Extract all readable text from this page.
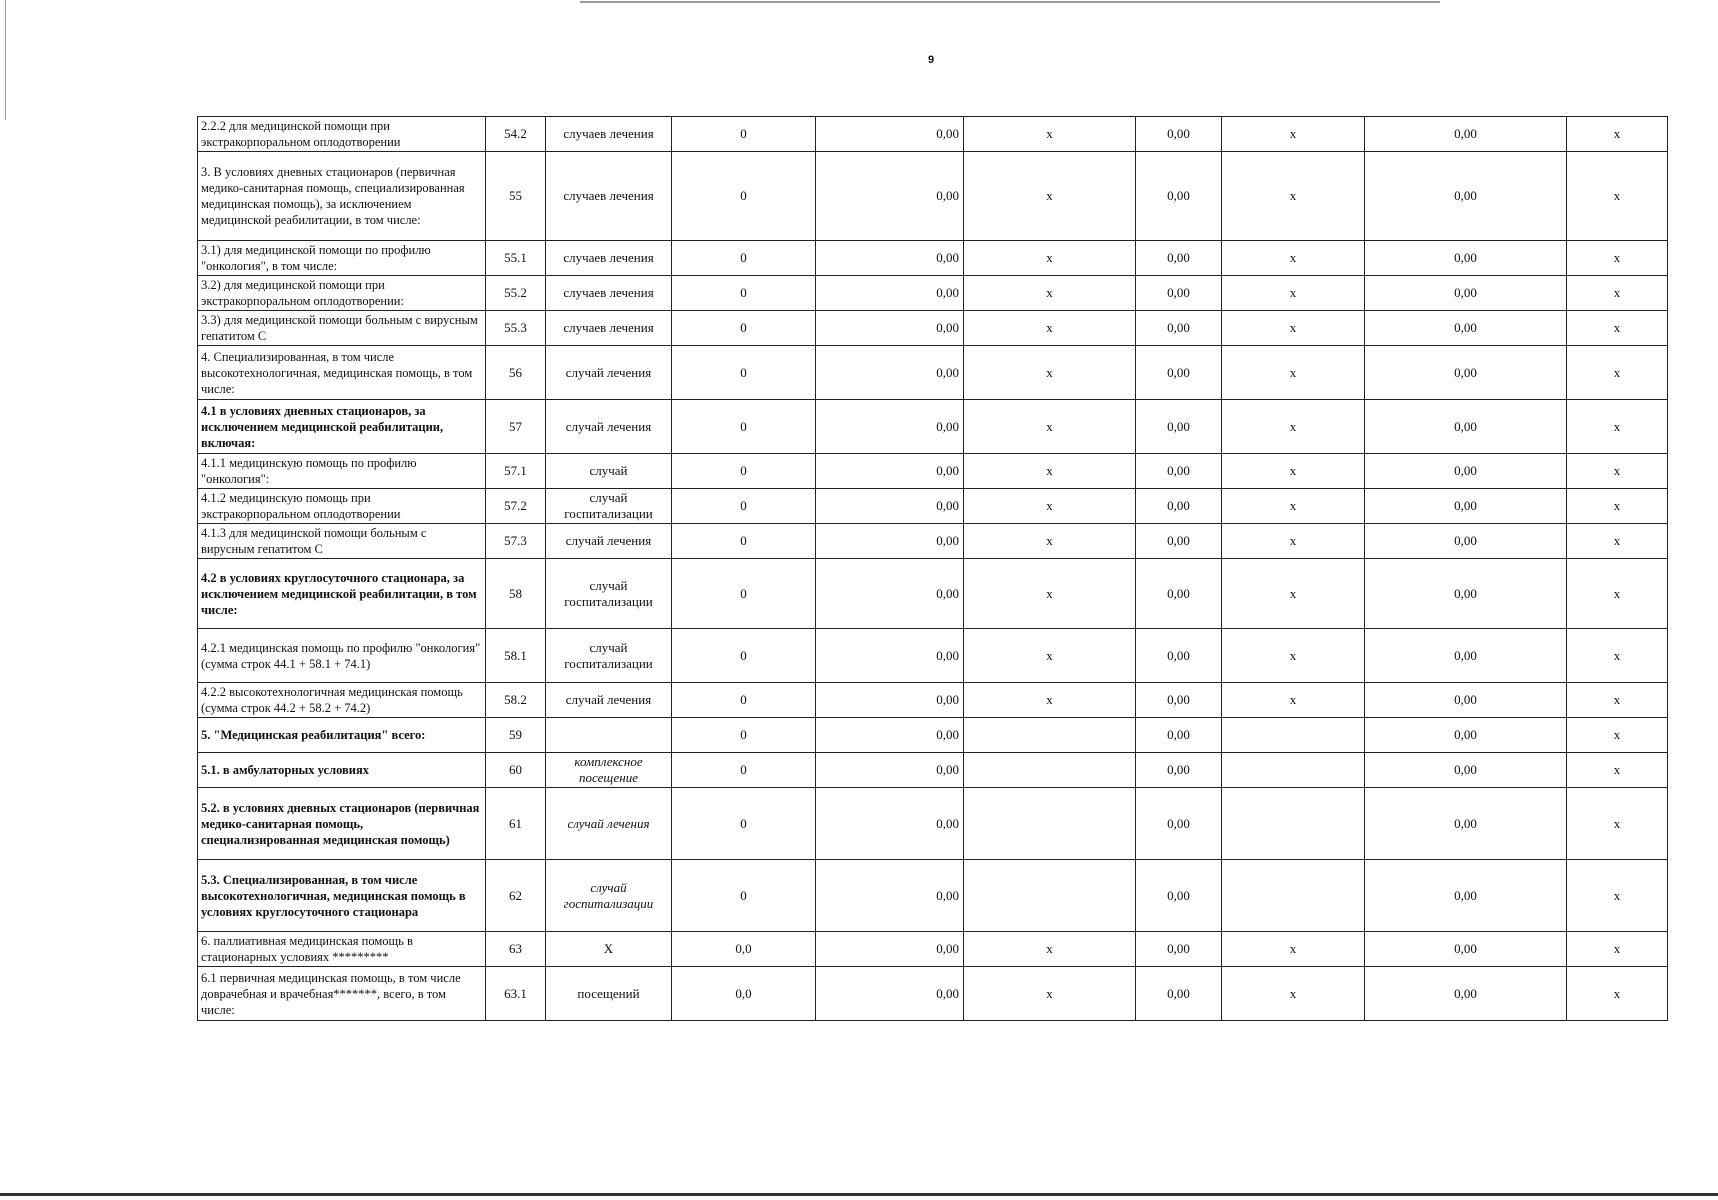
9
2.2.2 для медицинской помощи при экстракорпоральном оплодотворении	54.2	случаев лечения	0	0,00	х	0,00	х	0,00	х
3. В условиях дневных стационаров (первичная медико-санитарная помощь, специализированная медицинская помощь), за исключением медицинской реабилитации, в том числе:	55	случаев лечения	0	0,00	х	0,00	х	0,00	х
3.1) для медицинской помощи по профилю "онкология", в том числе:	55.1	случаев лечения	0	0,00	х	0,00	х	0,00	х
3.2) для медицинской помощи при экстракорпоральном оплодотворении:	55.2	случаев лечения	0	0,00	х	0,00	х	0,00	х
3.3) для медицинской помощи больным с вирусным гепатитом С	55.3	случаев лечения	0	0,00	х	0,00	х	0,00	х
4. Специализированная, в том числе высокотехнологичная, медицинская помощь, в том числе:	56	случай лечения	0	0,00	х	0,00	х	0,00	х
4.1 в условиях дневных стационаров, за исключением медицинской реабилитации, включая:	57	случай лечения	0	0,00	х	0,00	х	0,00	х
4.1.1 медицинскую помощь по профилю "онкология":	57.1	случай	0	0,00	х	0,00	х	0,00	х
4.1.2 медицинскую помощь при экстракорпоральном оплодотворении	57.2	случай госпитализации	0	0,00	х	0,00	х	0,00	х
4.1.3 для медицинской помощи больным с вирусным гепатитом С	57.3	случай лечения	0	0,00	х	0,00	х	0,00	х
4.2 в условиях круглосуточного стационара, за исключением медицинской реабилитации, в том числе:	58	случай госпитализации	0	0,00	х	0,00	х	0,00	х
4.2.1 медицинская помощь по профилю "онкология" (сумма строк 44.1 + 58.1 + 74.1)	58.1	случай госпитализации	0	0,00	х	0,00	х	0,00	х
4.2.2 высокотехнологичная медицинская помощь (сумма строк 44.2 + 58.2 + 74.2)	58.2	случай лечения	0	0,00	х	0,00	х	0,00	х
5. "Медицинская реабилитация" всего:	59		0	0,00		0,00		0,00	х
5.1. в амбулаторных условиях	60	комплексное посещение	0	0,00		0,00		0,00	х
5.2. в условиях дневных стационаров (первичная медико-санитарная помощь, специализированная медицинская помощь)	61	случай лечения	0	0,00		0,00		0,00	х
5.3. Специализированная, в том числе высокотехнологичная, медицинская помощь в условиях круглосуточного стационара	62	случай госпитализации	0	0,00		0,00		0,00	х
6. паллиативная медицинская помощь в стационарных условиях *********	63	Х	0,0	0,00	х	0,00	х	0,00	х
6.1 первичная медицинская помощь, в том числе доврачебная и врачебная*******, всего, в том числе:	63.1	посещений	0,0	0,00	х	0,00	х	0,00	х
